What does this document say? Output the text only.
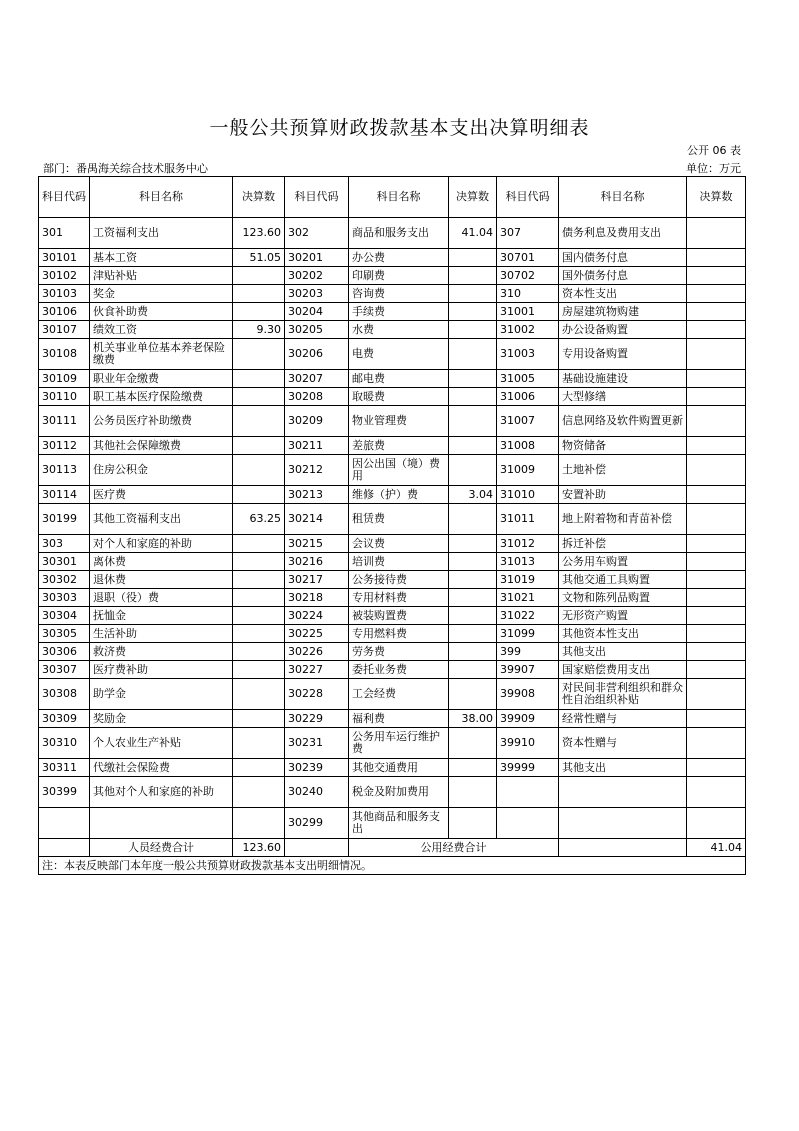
一般公共预算财政拨款基本支出决算明细表
公开 06 表
部门：番禺海关综合技术服务中心	单位：万元
科目代码	科目名称	决算数	科目代码	科目名称	决算数	科目代码	科目名称	决算数
301	工资福利支出	123.60	302	商品和服务支出	41.04	307	债务利息及费用支出	
30101	基本工资	51.05	30201	办公费		30701	国内债务付息	
30102	津贴补贴		30202	印刷费		30702	国外债务付息	
30103	奖金		30203	咨询费		310	资本性支出	
30106	伙食补助费		30204	手续费		31001	房屋建筑物购建	
30107	绩效工资	9.30	30205	水费		31002	办公设备购置	
30108	机关事业单位基本养老保险缴费		30206	电费		31003	专用设备购置	
30109	职业年金缴费		30207	邮电费		31005	基础设施建设	
30110	职工基本医疗保险缴费		30208	取暖费		31006	大型修缮	
30111	公务员医疗补助缴费		30209	物业管理费		31007	信息网络及软件购置更新	
30112	其他社会保障缴费		30211	差旅费		31008	物资储备	
30113	住房公积金		30212	因公出国（境）费用		31009	土地补偿	
30114	医疗费		30213	维修（护）费	3.04	31010	安置补助	
30199	其他工资福利支出	63.25	30214	租赁费		31011	地上附着物和青苗补偿	
303	对个人和家庭的补助		30215	会议费		31012	拆迁补偿	
30301	离休费		30216	培训费		31013	公务用车购置	
30302	退休费		30217	公务接待费		31019	其他交通工具购置	
30303	退职（役）费		30218	专用材料费		31021	文物和陈列品购置	
30304	抚恤金		30224	被装购置费		31022	无形资产购置	
30305	生活补助		30225	专用燃料费		31099	其他资本性支出	
30306	救济费		30226	劳务费		399	其他支出	
30307	医疗费补助		30227	委托业务费		39907	国家赔偿费用支出	
30308	助学金		30228	工会经费		39908	对民间非营利组织和群众性自治组织补贴	
30309	奖励金		30229	福利费	38.00	39909	经常性赠与	
30310	个人农业生产补贴		30231	公务用车运行维护费		39910	资本性赠与	
30311	代缴社会保险费		30239	其他交通费用		39999	其他支出	
30399	其他对个人和家庭的补助		30240	税金及附加费用				
			30299	其他商品和服务支出				
	人员经费合计	123.60		公用经费合计				41.04
注：本表反映部门本年度一般公共预算财政拨款基本支出明细情况。								
